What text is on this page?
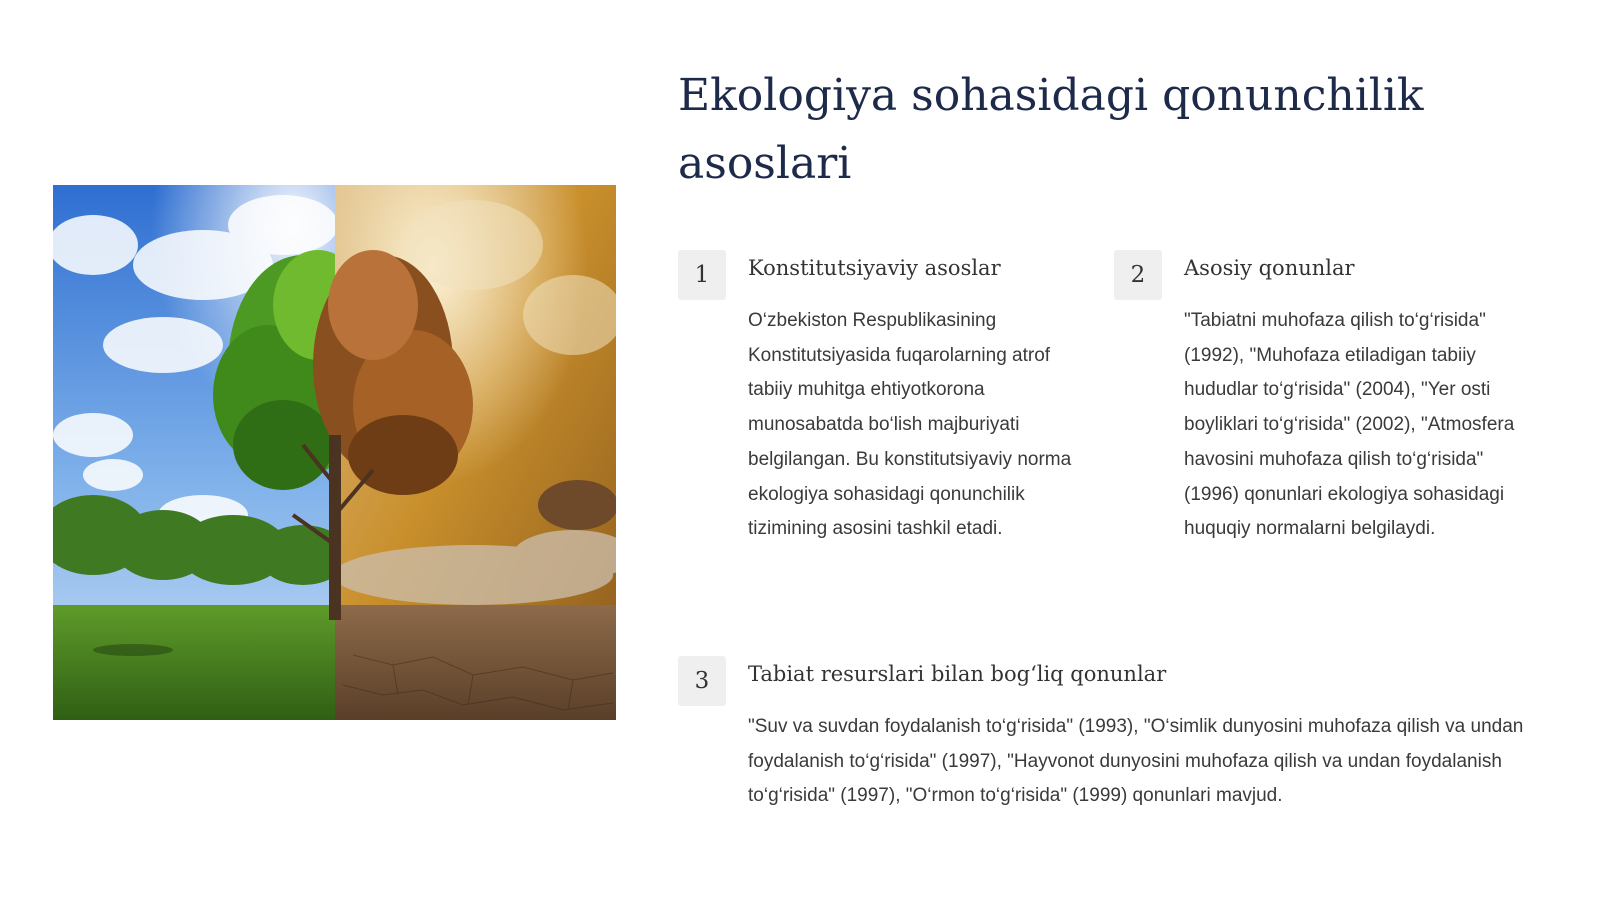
Ekologiya sohasidagi qonunchilik asoslari
1	Konstitutsiyaviy asoslar

O‘zbekiston Respublikasining Konstitutsiyasida fuqarolarning atrof tabiiy muhitga ehtiyotkorona munosabatda bo‘lish majburiyati belgilangan. Bu konstitutsiyaviy norma ekologiya sohasidagi qonunchilik tizimining asosini tashkil etadi.

2	Asosiy qonunlar

"Tabiatni muhofaza qilish to‘g‘risida" (1992), "Muhofaza etiladigan tabiiy hududlar to‘g‘risida" (2004), "Yer osti boyliklari to‘g‘risida" (2002), "Atmosfera havosini muhofaza qilish to‘g‘risida" (1996) qonunlari ekologiya sohasidagi huquqiy normalarni belgilaydi.

3	Tabiat resurslari bilan bogʻliq qonunlar

"Suv va suvdan foydalanish to‘g‘risida" (1993), "O‘simlik dunyosini muhofaza qilish va undan foydalanish to‘g‘risida" (1997), "Hayvonot dunyosini muhofaza qilish va undan foydalanish to‘g‘risida" (1997), "O‘rmon to‘g‘risida" (1999) qonunlari mavjud.
